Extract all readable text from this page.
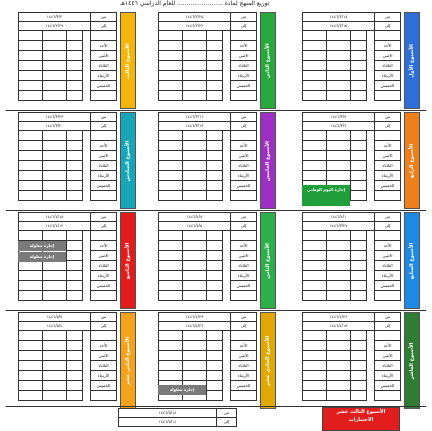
توزيع المنهج لمادة ........................ للعام الدراسي ١٤٤٦هـ
١٤٤٦/٢/١٨				من
١٤٤٦/٢/١٥				إلى

				الأحد
				الاثنين
				الثلاثاء
				الأربعاء
				الخميس

الأسبوع الأول
١٤٤٦/٢/٢٥				من
١٤٤٦/٢/٢٢				إلى

				الأحد
				الاثنين
				الثلاثاء
				الأربعاء
				الخميس

الأسبوع الثاني
١٤٤٦/٣/٢				من
١٤٤٦/٢/٢٩				إلى

				الأحد
				الاثنين
				الثلاثاء
				الأربعاء
				الخميس

الأسبوع الثالث
١٤٤٦/٣/٩				من
١٤٤٦/٣/٦				إلى

				الأحد
				الاثنين
				الثلاثاء
				الأربعاء
				الخميس

الأسبوع الرابع
إجازة اليوم الوطني
١٤٤٦/٣/١٦				من
١٤٤٦/٣/١٣				إلى

				الأحد
				الاثنين
				الثلاثاء
				الأربعاء
				الخميس

الأسبوع الخامس
١٤٤٦/٣/٢٣				من
١٤٤٦/٣/٢٠				إلى

				الأحد
				الاثنين
				الثلاثاء
				الأربعاء
				الخميس

الأسبوع السادس
١٤٤٦/٤/١				من
١٤٤٦/٣/٢٧				إلى

				الأحد
				الاثنين
				الثلاثاء
				الأربعاء
				الخميس

الأسبوع السابع
١٤٤٦/٤/٨				من
١٤٤٦/٤/٥				إلى

				الأحد
				الاثنين
				الثلاثاء
				الأربعاء
				الخميس

الأسبوع الثامن
١٤٤٦/٤/١٥				من
١٤٤٦/٤/١٢				إلى

				الأحد
				الاثنين
				الثلاثاء
				الأربعاء
				الخميس

الأسبوع التاسع
إجازة مطولة
إجازة مطولة
١٤٤٦/٤/٢٢				من
١٤٤٦/٤/١٩				إلى

				الأحد
				الاثنين
				الثلاثاء
				الأربعاء
				الخميس

الأسبوع العاشر
١٤٤٦/٤/٢٩				من
١٤٤٦/٤/٢٦				إلى

				الأحد
				الاثنين
				الثلاثاء
				الأربعاء
				الخميس
					الأسبوع الحادي عشر
إجازة مطولة
١٤٤٦/٥/٧				من
١٤٤٦/٥/٤				إلى

				الأحد
				الاثنين
				الثلاثاء
				الأربعاء
				الخميس

الأسبوع الثاني عشر
الأسبوع الثالث عشر
الاختبارات
١٤٤٦/٥/١٤	من
١٤٤٦/٥/١١	إلى
